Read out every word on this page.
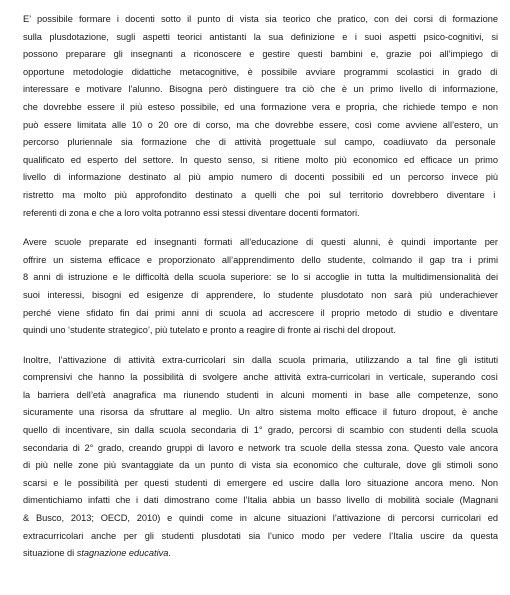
E’ possibile formare i docenti sotto il punto di vista sia teorico che pratico, con dei corsi di formazione
sulla plusdotazione, sugli aspetti teorici antistanti la sua definizione e i suoi aspetti psico-cognitivi, si
possono preparare gli insegnanti a riconoscere e gestire questi bambini e, grazie poi all’impiego di
opportune metodologie didattiche metacognitive, è possibile avviare programmi scolastici in grado di
interessare e motivare l’alunno. Bisogna però distinguere tra ciò che è un primo livello di informazione,
che dovrebbe essere il più esteso possibile, ed una formazione vera e propria, che richiede tempo e non
può essere limitata alle 10 o 20 ore di corso, ma che dovrebbe essere, così come avviene all’estero, un
percorso pluriennale sia formazione che di attività progettuale sul campo, coadiuvato da personale
qualificato ed esperto del settore. In questo senso, si ritiene molto più economico ed efficace un primo
livello di informazione destinato al più ampio numero di docenti possibili ed un percorso invece più
ristretto ma molto più approfondito destinato a quelli che poi sul territorio dovrebbero diventare i
referenti di zona e che a loro volta potranno essi stessi diventare docenti formatori.

Avere scuole preparate ed insegnanti formati all’educazione di questi alunni, è quindi importante per
offrire un sistema efficace e proporzionato all’apprendimento dello studente, colmando il gap tra i primi
8 anni di istruzione e le difficoltà della scuola superiore: se lo si accoglie in tutta la multidimensionalità dei
suoi interessi, bisogni ed esigenze di apprendere, lo studente plusdotato non sarà più underachiever
perché viene sfidato fin dai primi anni di scuola ad accrescere il proprio metodo di studio e diventare
quindi uno ‘studente strategico’, più tutelato e pronto a reagire di fronte ai rischi del dropout.

Inoltre, l’attivazione di attività extra-curricolari sin dalla scuola primaria, utilizzando a tal fine gli istituti
comprensivi che hanno la possibilità di svolgere anche attività extra-curricolari in verticale, superando così
la barriera dell’età anagrafica ma riunendo studenti in alcuni momenti in base alle competenze, sono
sicuramente una risorsa da sfruttare al meglio. Un altro sistema molto efficace il futuro dropout, è anche
quello di incentivare, sin dalla scuola secondaria di 1° grado, percorsi di scambio con studenti della scuola
secondaria di 2° grado, creando gruppi di lavoro e network tra scuole della stessa zona. Questo vale ancora
di più nelle zone più svantaggiate da un punto di vista sia economico che culturale, dove gli stimoli sono
scarsi e le possibilità per questi studenti di emergere ed uscire dalla loro situazione ancora meno. Non
dimentichiamo infatti che i dati dimostrano come l’Italia abbia un basso livello di mobilità sociale (Magnani
& Busco, 2013; OECD, 2010) e quindi come in alcune situazioni l’attivazione di percorsi curricolari ed
extracurricolari anche per gli studenti plusdotati sia l’unico modo per vedere l’Italia uscire da questa
situazione di stagnazione educativa.
